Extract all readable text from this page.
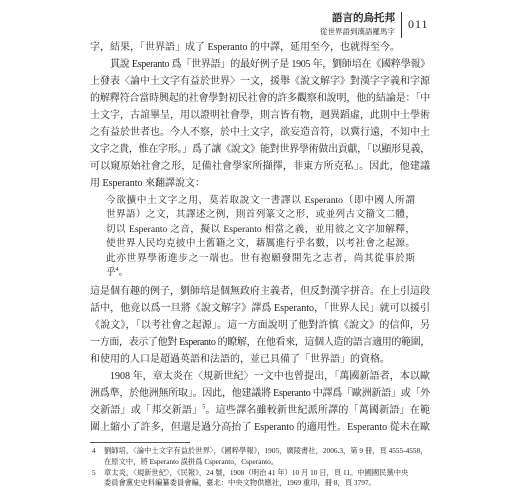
語言的烏托邦
從世界語到漢語羅馬字
011
字，結果，「世界語」成了 Esperanto 的中譯，延用至今，也就得至今。
貫說 Esperanto 爲「世界語」的最好例子是 1905 年，劉師培在《國粹學報》
上發表〈論中土文字有益於世界〉一文，援舉《說文解字》對漢字字義和字源
的解釋符合當時興起的社會學對初民社會的許多觀察和說明，他的結論是：「中
土文字，古誼畢呈，用以證明社會學，則言皆有物，迥異蹈虛，此則中土學術
之有益於世者也。今人不察，於中土文字，欲妄造音符，以冀行遠，不知中土
文字之貴，惟在字形。」爲了讓《說文》能對世界學術做出貢獻，「以顯形見義，
可以窺原始社會之形，足備社會學家所擷擇，非東方所克私」。因此，他建議
用 Esperanto 來翻譯說文：
今欲擴中土文字之用，莫若取說文一書譯以 Esperanto（即中國人所謂
世界語）之文，其譯述之例，則首列篆文之形，或並列古文籀文二體，
切以 Esperanto 之音，擬以 Esperanto 相當之義，並用彼之文字加解釋，
使世界人民均克披中土舊籍之文，藉厲進行乎名數，以考社會之起源。
此亦世界學術進步之一端也。世有抱願發開先之志者，尚其從事於斯
乎$^4$。
這是個有趣的例子，劉師培是個無政府主義者，但反對漢字拼音。在上引這段
話中，他竟以爲一旦將《說文解字》譯爲 Esperanto，「世界人民」就可以援引
《說文》，「以考社會之起源」。這一方面說明了他對許慎《說文》的信仰，另
一方面，表示了他對 Esperanto 的瞭解，在他看來，這個人造的語言適用的範圍，
和使用的人口是超過英語和法語的，並已具備了「世界語」的資格。
1908 年，章太炎在〈規新世紀〉一文中也曾提出，「萬國新語者，本以歐
洲爲準，於他洲無所取」。因此，他建議將 Esperanto 中譯爲「歐洲新語」或「外
交新語」或「邦交新語」$^5$。這些譯名雖較新世紀派所譯的「萬國新語」在範
圍上縮小了許多，但還是過分高抬了 Esperanto 的適用性。Esperanto 從未在歐
4 劉師培，〈論中土文字有益於世界〉，《國粹學報》，1905，廣陵書社，2006.3，第 9 冊，頁 4555-4558，
在原文中，將 Esperanto 誤拼爲 Csperanto，Csperanto。
5 章太炎，〈規新世紀〉，《民報》，24 號，1908（明治 41 年）10 月 10 日，頁 11。中國國民黨中央
委員會黨史史料編纂委員會編，臺北：中央文物供應社，1969 重印，冊 8，頁 3797。
